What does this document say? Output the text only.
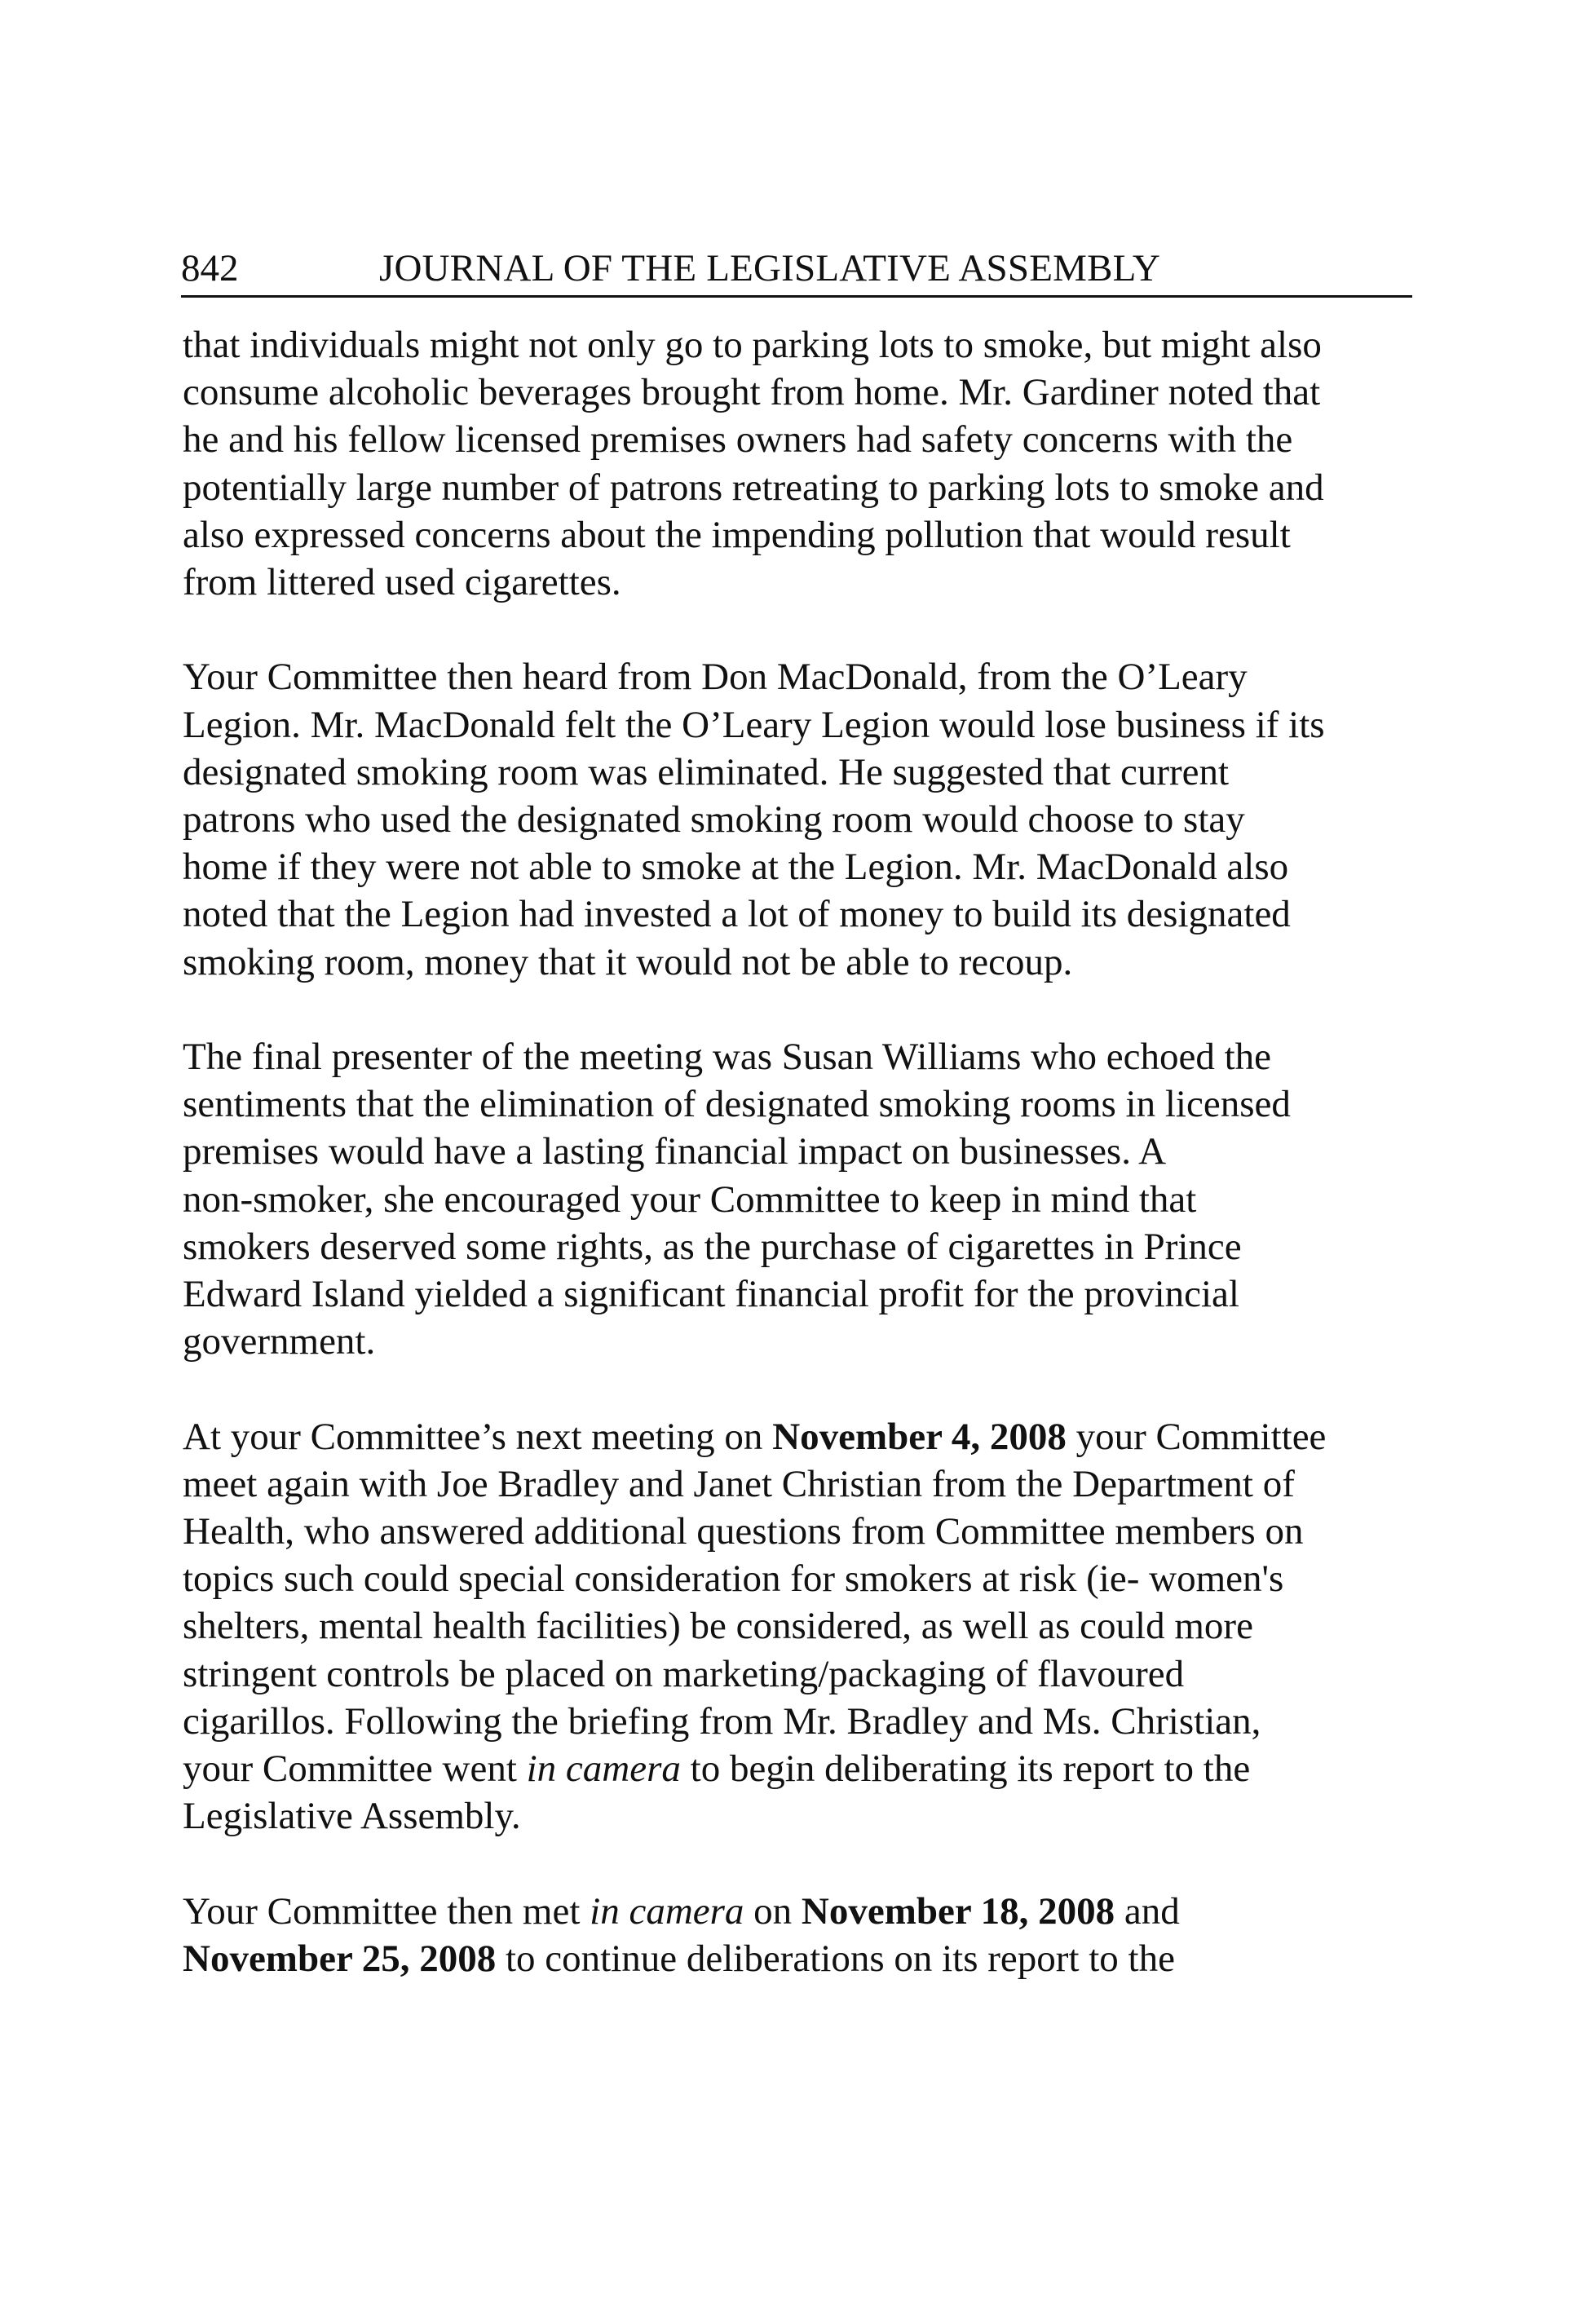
842	JOURNAL OF THE LEGISLATIVE ASSEMBLY
that individuals might not only go to parking lots to smoke, but might also
consume alcoholic beverages brought from home. Mr. Gardiner noted that
he and his fellow licensed premises owners had safety concerns with the
potentially large number of patrons retreating to parking lots to smoke and
also expressed concerns about the impending pollution that would result
from littered used cigarettes.
Your Committee then heard from Don MacDonald, from the O’Leary
Legion. Mr. MacDonald felt the O’Leary Legion would lose business if its
designated smoking room was eliminated. He suggested that current
patrons who used the designated smoking room would choose to stay
home if they were not able to smoke at the Legion. Mr. MacDonald also
noted that the Legion had invested a lot of money to build its designated
smoking room, money that it would not be able to recoup.
The final presenter of the meeting was Susan Williams who echoed the
sentiments that the elimination of designated smoking rooms in licensed
premises would have a lasting financial impact on businesses. A
non-smoker, she encouraged your Committee to keep in mind that
smokers deserved some rights, as the purchase of cigarettes in Prince
Edward Island yielded a significant financial profit for the provincial
government.
At your Committee’s next meeting on November 4, 2008 your Committee
meet again with Joe Bradley and Janet Christian from the Department of
Health, who answered additional questions from Committee members on
topics such could special consideration for smokers at risk (ie- women's
shelters, mental health facilities) be considered, as well as could more
stringent controls be placed on marketing/packaging of flavoured
cigarillos. Following the briefing from Mr. Bradley and Ms. Christian,
your Committee went in camera to begin deliberating its report to the
Legislative Assembly.
Your Committee then met in camera on November 18, 2008 and
November 25, 2008 to continue deliberations on its report to the
